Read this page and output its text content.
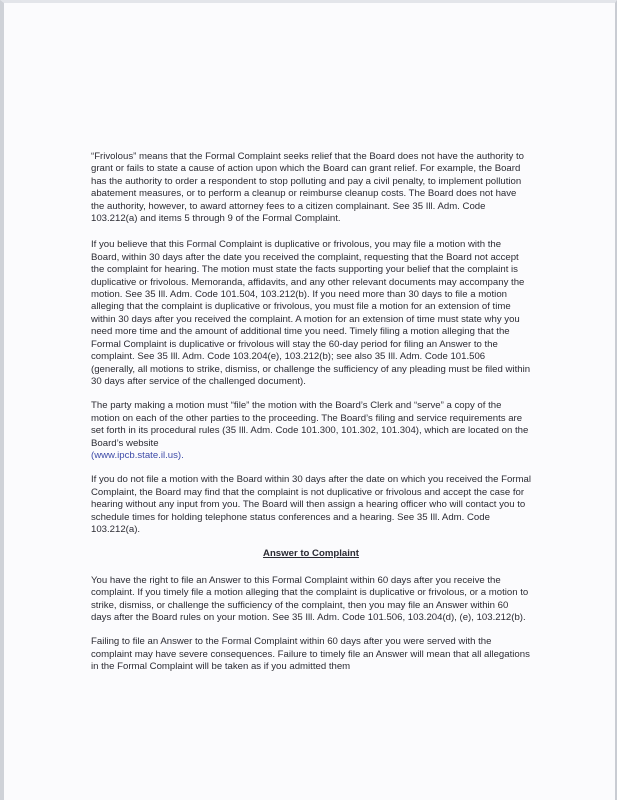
“Frivolous” means that the Formal Complaint seeks relief that the Board does not have the authority to grant or fails to state a cause of action upon which the Board can grant relief. For example, the Board has the authority to order a respondent to stop polluting and pay a civil penalty, to implement pollution abatement measures, or to perform a cleanup or reimburse cleanup costs. The Board does not have the authority, however, to award attorney fees to a citizen complainant. See 35 Ill. Adm. Code 103.212(a) and items 5 through 9 of the Formal Complaint.

If you believe that this Formal Complaint is duplicative or frivolous, you may file a motion with the Board, within 30 days after the date you received the complaint, requesting that the Board not accept the complaint for hearing. The motion must state the facts supporting your belief that the complaint is duplicative or frivolous. Memoranda, affidavits, and any other relevant documents may accompany the motion. See 35 Ill. Adm. Code 101.504, 103.212(b). If you need more than 30 days to file a motion alleging that the complaint is duplicative or frivolous, you must file a motion for an extension of time within 30 days after you received the complaint. A motion for an extension of time must state why you need more time and the amount of additional time you need. Timely filing a motion alleging that the Formal Complaint is duplicative or frivolous will stay the 60-day period for filing an Answer to the complaint. See 35 Ill. Adm. Code 103.204(e), 103.212(b); see also 35 Ill. Adm. Code 101.506 (generally, all motions to strike, dismiss, or challenge the sufficiency of any pleading must be filed within 30 days after service of the challenged document).

The party making a motion must “file” the motion with the Board’s Clerk and “serve” a copy of the motion on each of the other parties to the proceeding. The Board’s filing and service requirements are set forth in its procedural rules (35 Ill. Adm. Code 101.300, 101.302, 101.304), which are located on the Board’s website
(www.ipcb.state.il.us).

If you do not file a motion with the Board within 30 days after the date on which you received the Formal Complaint, the Board may find that the complaint is not duplicative or frivolous and accept the case for hearing without any input from you. The Board will then assign a hearing officer who will contact you to schedule times for holding telephone status conferences and a hearing. See 35 Ill. Adm. Code 103.212(a).

Answer to Complaint

You have the right to file an Answer to this Formal Complaint within 60 days after you receive the complaint. If you timely file a motion alleging that the complaint is duplicative or frivolous, or a motion to strike, dismiss, or challenge the sufficiency of the complaint, then you may file an Answer within 60 days after the Board rules on your motion. See 35 Ill. Adm. Code 101.506, 103.204(d), (e), 103.212(b).

Failing to file an Answer to the Formal Complaint within 60 days after you were served with the complaint may have severe consequences. Failure to timely file an Answer will mean that all allegations in the Formal Complaint will be taken as if you admitted them
